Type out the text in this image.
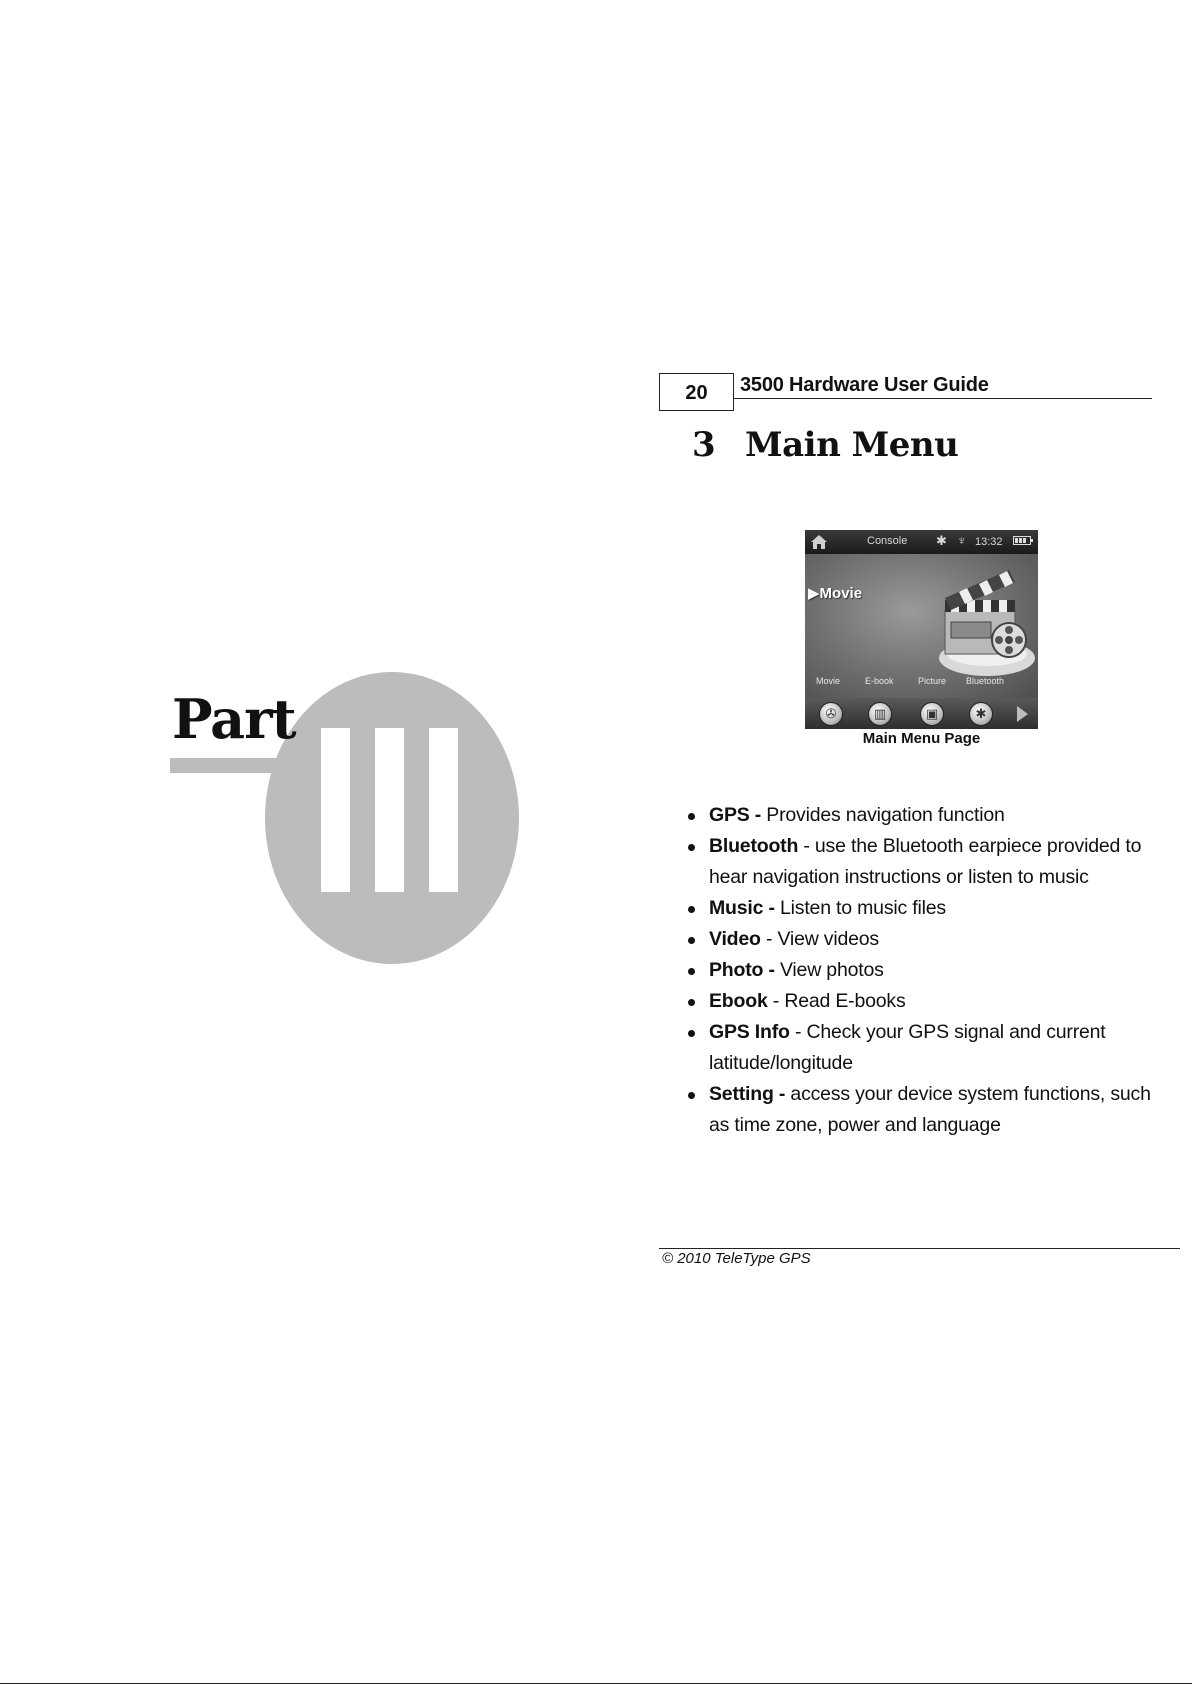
Part
20	3500 Hardware User Guide
3 Main Menu
Console ✱ ♆ 13:32
▶Movie
Movie	E-book	Picture Bluetooth
✇	▥	▣	✱
Main Menu Page
GPS - Provides navigation function
Bluetooth - use the Bluetooth earpiece provided to hear navigation instructions or listen to music
Music - Listen to music files
Video - View videos
Photo - View photos
Ebook - Read E-books
GPS Info - Check your GPS signal and current latitude/longitude
Setting - access your device system functions, such as time zone, power and language
© 2010 TeleType GPS
